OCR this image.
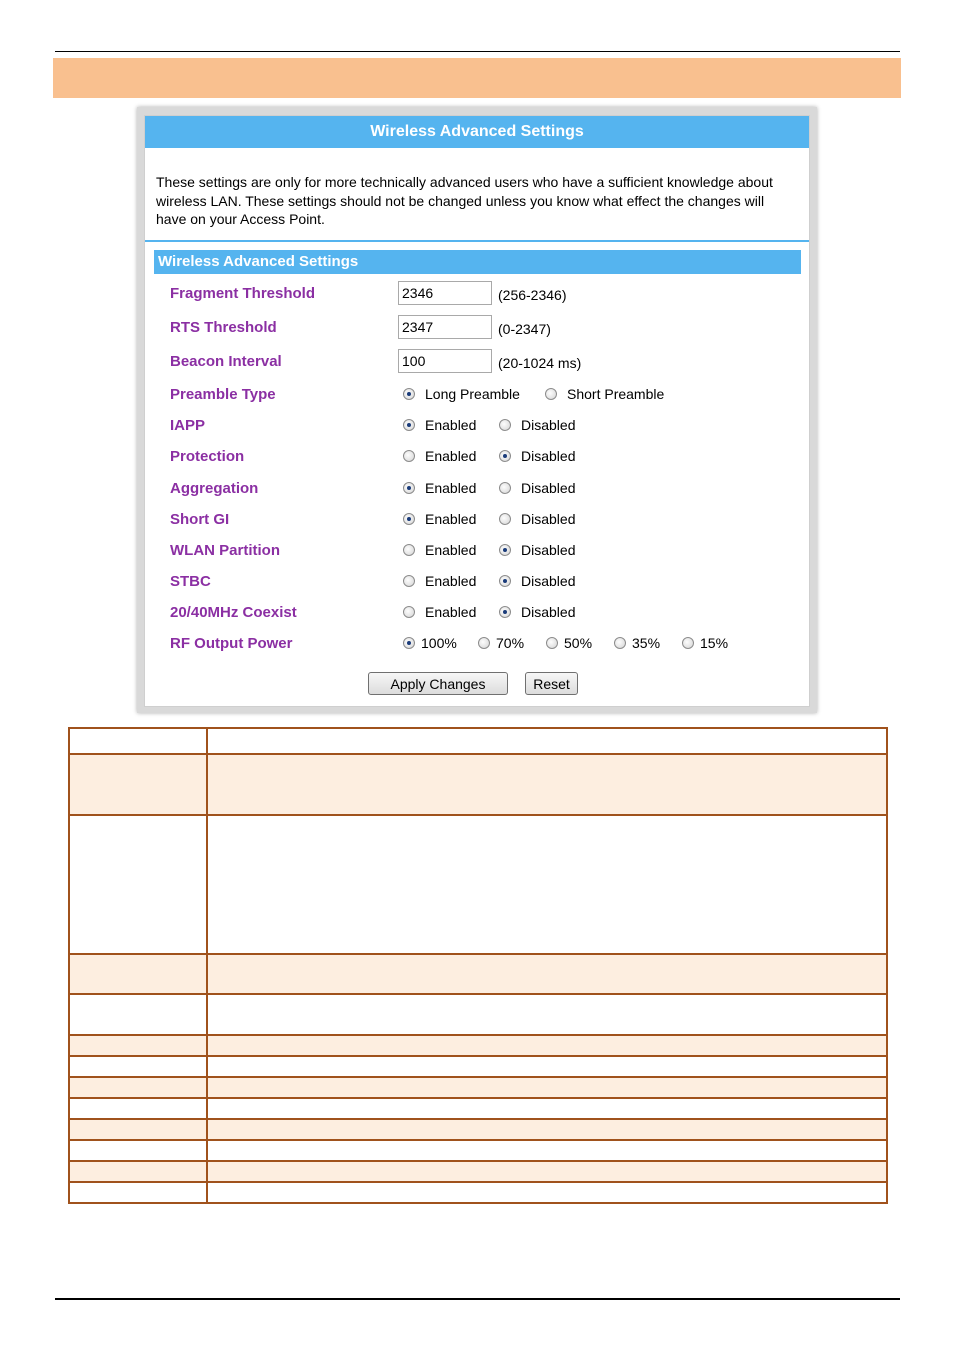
Wireless Advanced Settings
These settings are only for more technically advanced users who have a sufficient knowledge about wireless LAN. These settings should not be changed unless you know what effect the changes will have on your Access Point.
Wireless Advanced Settings
Fragment Threshold
2346	(256-2346)
RTS Threshold
2347	(0-2347)
Beacon Interval
100	(20-1024 ms)
Preamble Type	Long Preamble	Short Preamble
IAPP	Enabled	Disabled
Protection	Enabled	Disabled
Aggregation	Enabled	Disabled
Short GI	Enabled	Disabled
WLAN Partition	Enabled	Disabled
STBC	Enabled	Disabled
20/40MHz Coexist	Enabled	Disabled
RF Output Power	100%	70%	50%	35%	15%
Apply Changes	Reset
